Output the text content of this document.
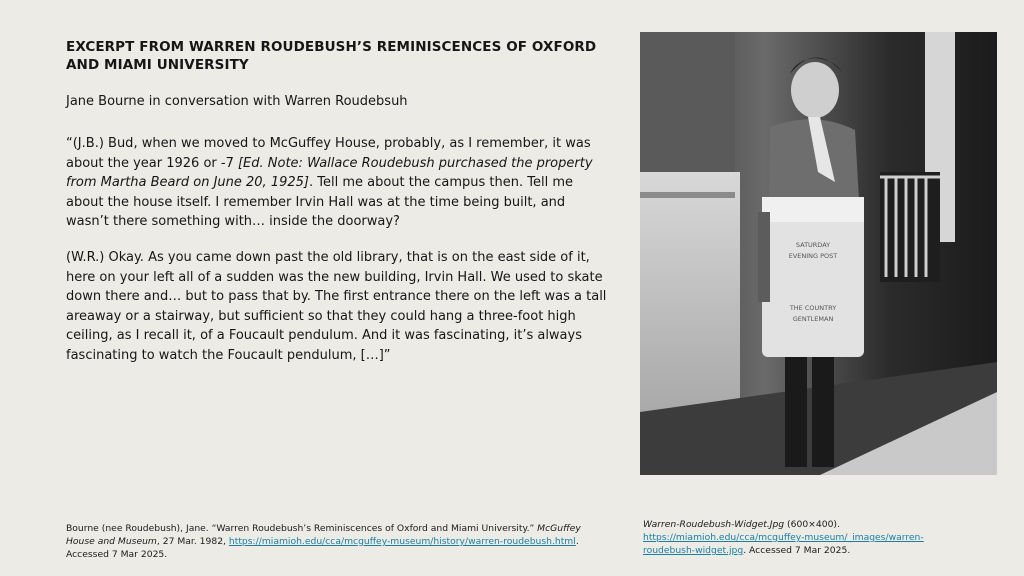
EXCERPT FROM WARREN ROUDEBUSH’S REMINISCENCES OF OXFORD
AND MIAMI UNIVERSITY
Jane Bourne in conversation with Warren Roudebsuh
“(J.B.) Bud, when we moved to McGuffey House, probably, as I remember, it was about the year 1926 or -7 [Ed. Note: Wallace Roudebush purchased the property from Martha Beard on June 20, 1925]. Tell me about the campus then. Tell me about the house itself. I remember Irvin Hall was at the time being built, and wasn’t there something with… inside the doorway?
(W.R.) Okay. As you came down past the old library, that is on the east side of it, here on your left all of a sudden was the new building, Irvin Hall. We used to skate down there and… but to pass that by. The first entrance there on the left was a tall areaway or a stairway, but sufficient so that they could hang a three-foot high ceiling, as I recall it, of a Foucault pendulum. And it was fascinating, it’s always fascinating to watch the Foucault pendulum, […]”
SATURDAY
EVENING POST
THE COUNTRY
GENTLEMAN
Bourne (nee Roudebush), Jane. “Warren Roudebush’s Reminiscences of Oxford and Miami University.” McGuffey House and Museum, 27 Mar. 1982, https://miamioh.edu/cca/mcguffey-museum/history/warren-roudebush.html. Accessed 7 Mar 2025.
Warren-Roudebush-Widget.Jpg (600×400).
https://miamioh.edu/cca/mcguffey-museum/_images/warren-roudebush-widget.jpg. Accessed 7 Mar 2025.
